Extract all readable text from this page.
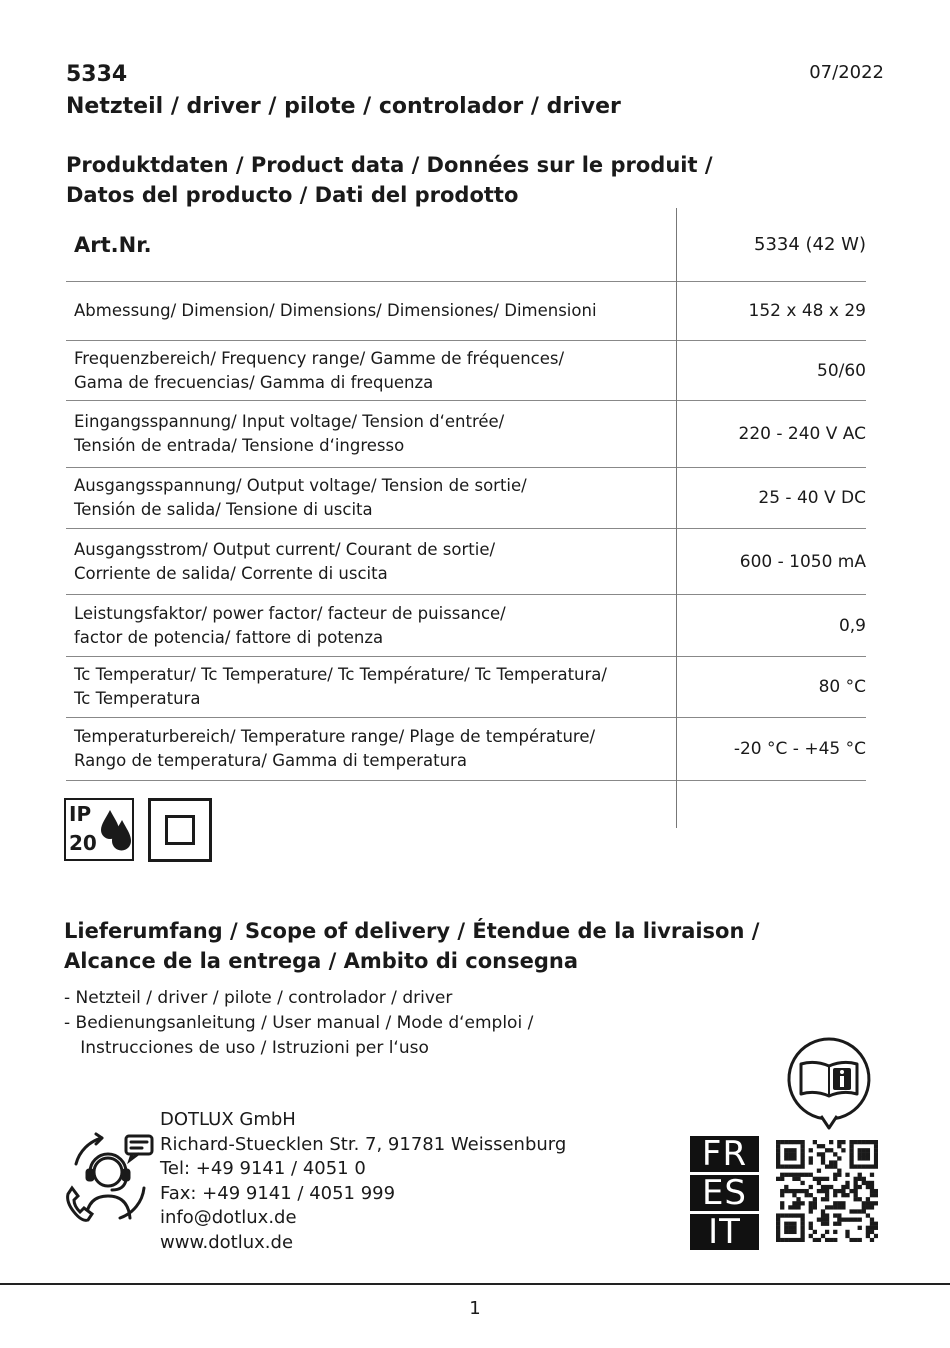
5334
Netzteil / driver / pilote / controlador / driver
07/2022
Produktdaten / Product data / Données sur le produit /
Datos del producto / Dati del prodotto
Art.Nr.	5334 (42 W)
Abmessung/ Dimension/ Dimensions/ Dimensiones/ Dimensioni	152 x 48 x 29
Frequenzbereich/ Frequency range/ Gamme de fréquences/
Gama de frecuencias/ Gamma di frequenza
50/60
Eingangsspannung/ Input voltage/ Tension d‘entrée/
Tensión de entrada/ Tensione d‘ingresso
220 - 240 V AC
Ausgangsspannung/ Output voltage/ Tension de sortie/
Tensión de salida/ Tensione di uscita
25 - 40 V DC
Ausgangsstrom/ Output current/ Courant de sortie/
Corriente de salida/ Corrente di uscita
600 - 1050 mA
Leistungsfaktor/ power factor/ facteur de puissance/
factor de potencia/ fattore di potenza
0,9
Tc Temperatur/ Tc Temperature/ Tc Température/ Tc Temperatura/
Tc Temperatura
80 °C
Temperaturbereich/ Temperature range/ Plage de température/
Rango de temperatura/ Gamma di temperatura
-20 °C - +45 °C
IP
20
Lieferumfang / Scope of delivery / Étendue de la livraison /
Alcance de la entrega / Ambito di consegna
- Netzteil / driver / pilote / controlador / driver
- Bedienungsanleitung / User manual / Mode d‘emploi /
Instrucciones de uso / Istruzioni per l‘uso
DOTLUX GmbH
Richard-Stuecklen Str. 7, 91781 Weissenburg
Tel: +49 9141 / 4051 0
Fax: +49 9141 / 4051 999
info@dotlux.de
www.dotlux.de
FR
ES
IT
1
